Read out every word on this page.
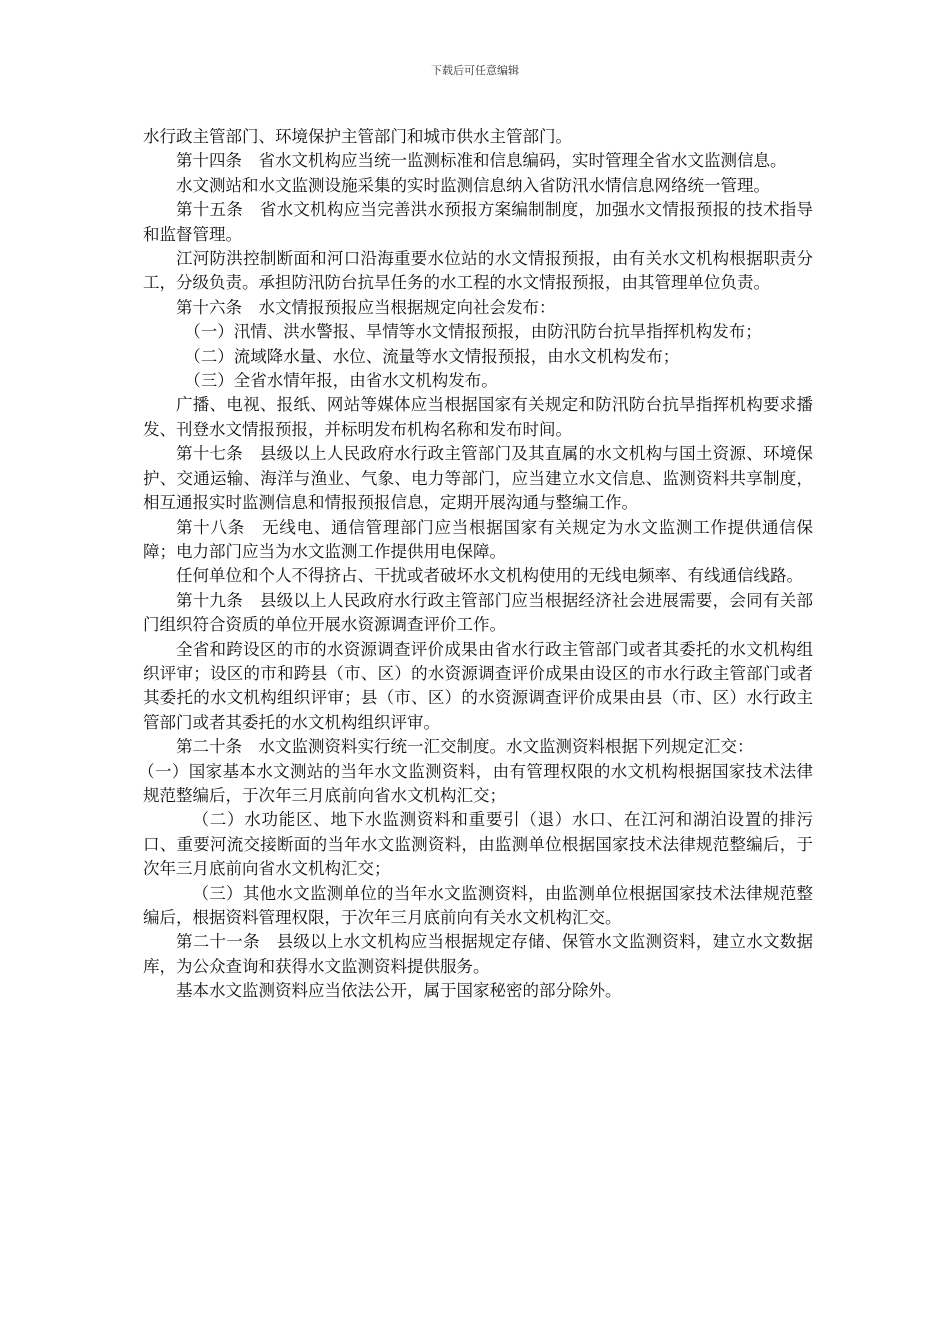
下载后可任意编辑

水行政主管部门、环境保护主管部门和城市供水主管部门。

第十四条　省水文机构应当统一监测标准和信息编码，实时管理全省水文监测信息。

水文测站和水文监测设施采集的实时监测信息纳入省防汛水情信息网络统一管理。

第十五条　省水文机构应当完善洪水预报方案编制制度，加强水文情报预报的技术指导和监督管理。

江河防洪控制断面和河口沿海重要水位站的水文情报预报，由有关水文机构根据职责分工，分级负责。承担防汛防台抗旱任务的水工程的水文情报预报，由其管理单位负责。

第十六条　水文情报预报应当根据规定向社会发布：

（一）汛情、洪水警报、旱情等水文情报预报，由防汛防台抗旱指挥机构发布；

（二）流域降水量、水位、流量等水文情报预报，由水文机构发布；

（三）全省水情年报，由省水文机构发布。

广播、电视、报纸、网站等媒体应当根据国家有关规定和防汛防台抗旱指挥机构要求播发、刊登水文情报预报，并标明发布机构名称和发布时间。

第十七条　县级以上人民政府水行政主管部门及其直属的水文机构与国土资源、环境保护、交通运输、海洋与渔业、气象、电力等部门，应当建立水文信息、监测资料共享制度，相互通报实时监测信息和情报预报信息，定期开展沟通与整编工作。

第十八条　无线电、通信管理部门应当根据国家有关规定为水文监测工作提供通信保障；电力部门应当为水文监测工作提供用电保障。

任何单位和个人不得挤占、干扰或者破坏水文机构使用的无线电频率、有线通信线路。

第十九条　县级以上人民政府水行政主管部门应当根据经济社会进展需要，会同有关部门组织符合资质的单位开展水资源调查评价工作。

全省和跨设区的市的水资源调查评价成果由省水行政主管部门或者其委托的水文机构组织评审；设区的市和跨县（市、区）的水资源调查评价成果由设区的市水行政主管部门或者其委托的水文机构组织评审；县（市、区）的水资源调查评价成果由县（市、区）水行政主管部门或者其委托的水文机构组织评审。

第二十条　水文监测资料实行统一汇交制度。水文监测资料根据下列规定汇交：

（一）国家基本水文测站的当年水文监测资料，由有管理权限的水文机构根据国家技术法律规范整编后，于次年三月底前向省水文机构汇交；

（二）水功能区、地下水监测资料和重要引（退）水口、在江河和湖泊设置的排污口、重要河流交接断面的当年水文监测资料，由监测单位根据国家技术法律规范整编后，于次年三月底前向省水文机构汇交；

（三）其他水文监测单位的当年水文监测资料，由监测单位根据国家技术法律规范整编后，根据资料管理权限，于次年三月底前向有关水文机构汇交。

第二十一条　县级以上水文机构应当根据规定存储、保管水文监测资料，建立水文数据库，为公众查询和获得水文监测资料提供服务。

基本水文监测资料应当依法公开，属于国家秘密的部分除外。
